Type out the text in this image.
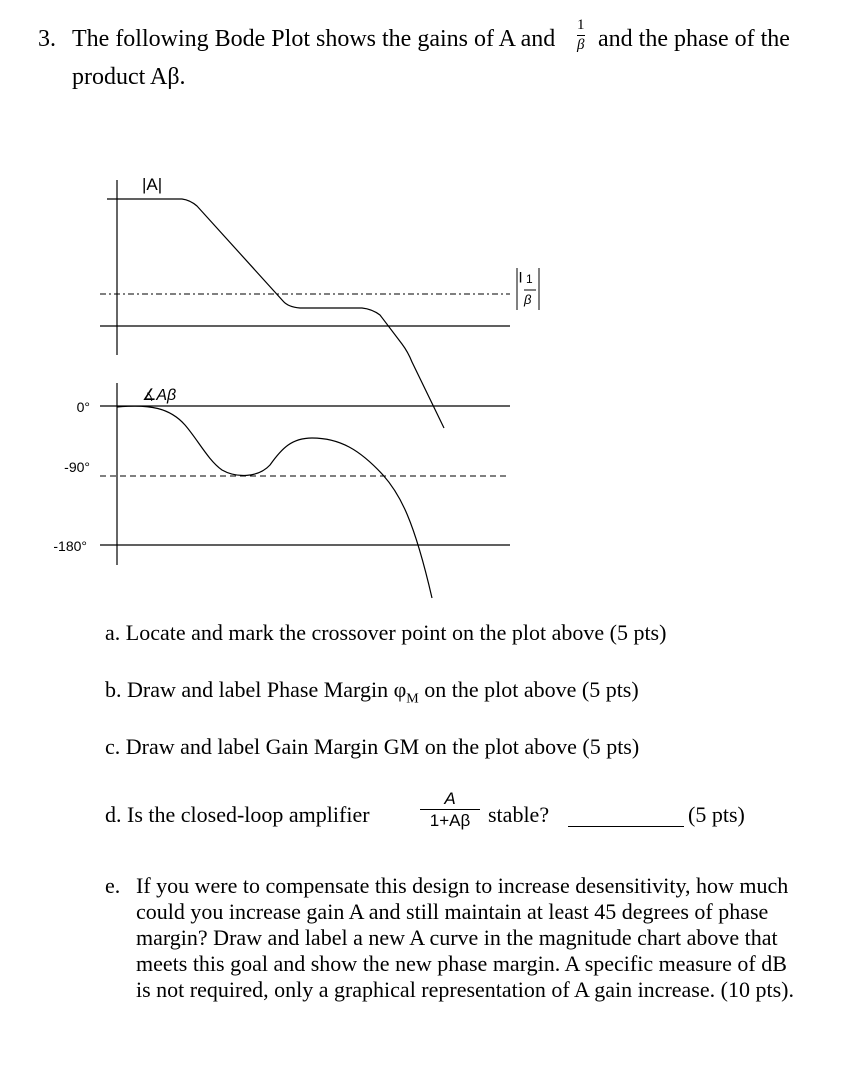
3. The following Bode Plot shows the gains of A and
1
β and the phase of the
product Aβ.
|A|
| 1
β
∡Aβ
0°
-90°
-180°
a. Locate and mark the crossover point on the plot above (5 pts)
b. Draw and label Phase Margin $\varphi_M$ on the plot above (5 pts)
c. Draw and label Gain Margin GM on the plot above (5 pts)
d. Is the closed-loop amplifier
A
1+Aβ stable?	(5 pts)
e. If you were to compensate this design to increase desensitivity, how much could you increase gain A and still maintain at least 45 degrees of phase margin? Draw and label a new A curve in the magnitude chart above that meets this goal and show the new phase margin. A specific measure of dB is not required, only a graphical representation of A gain increase. (10 pts).
